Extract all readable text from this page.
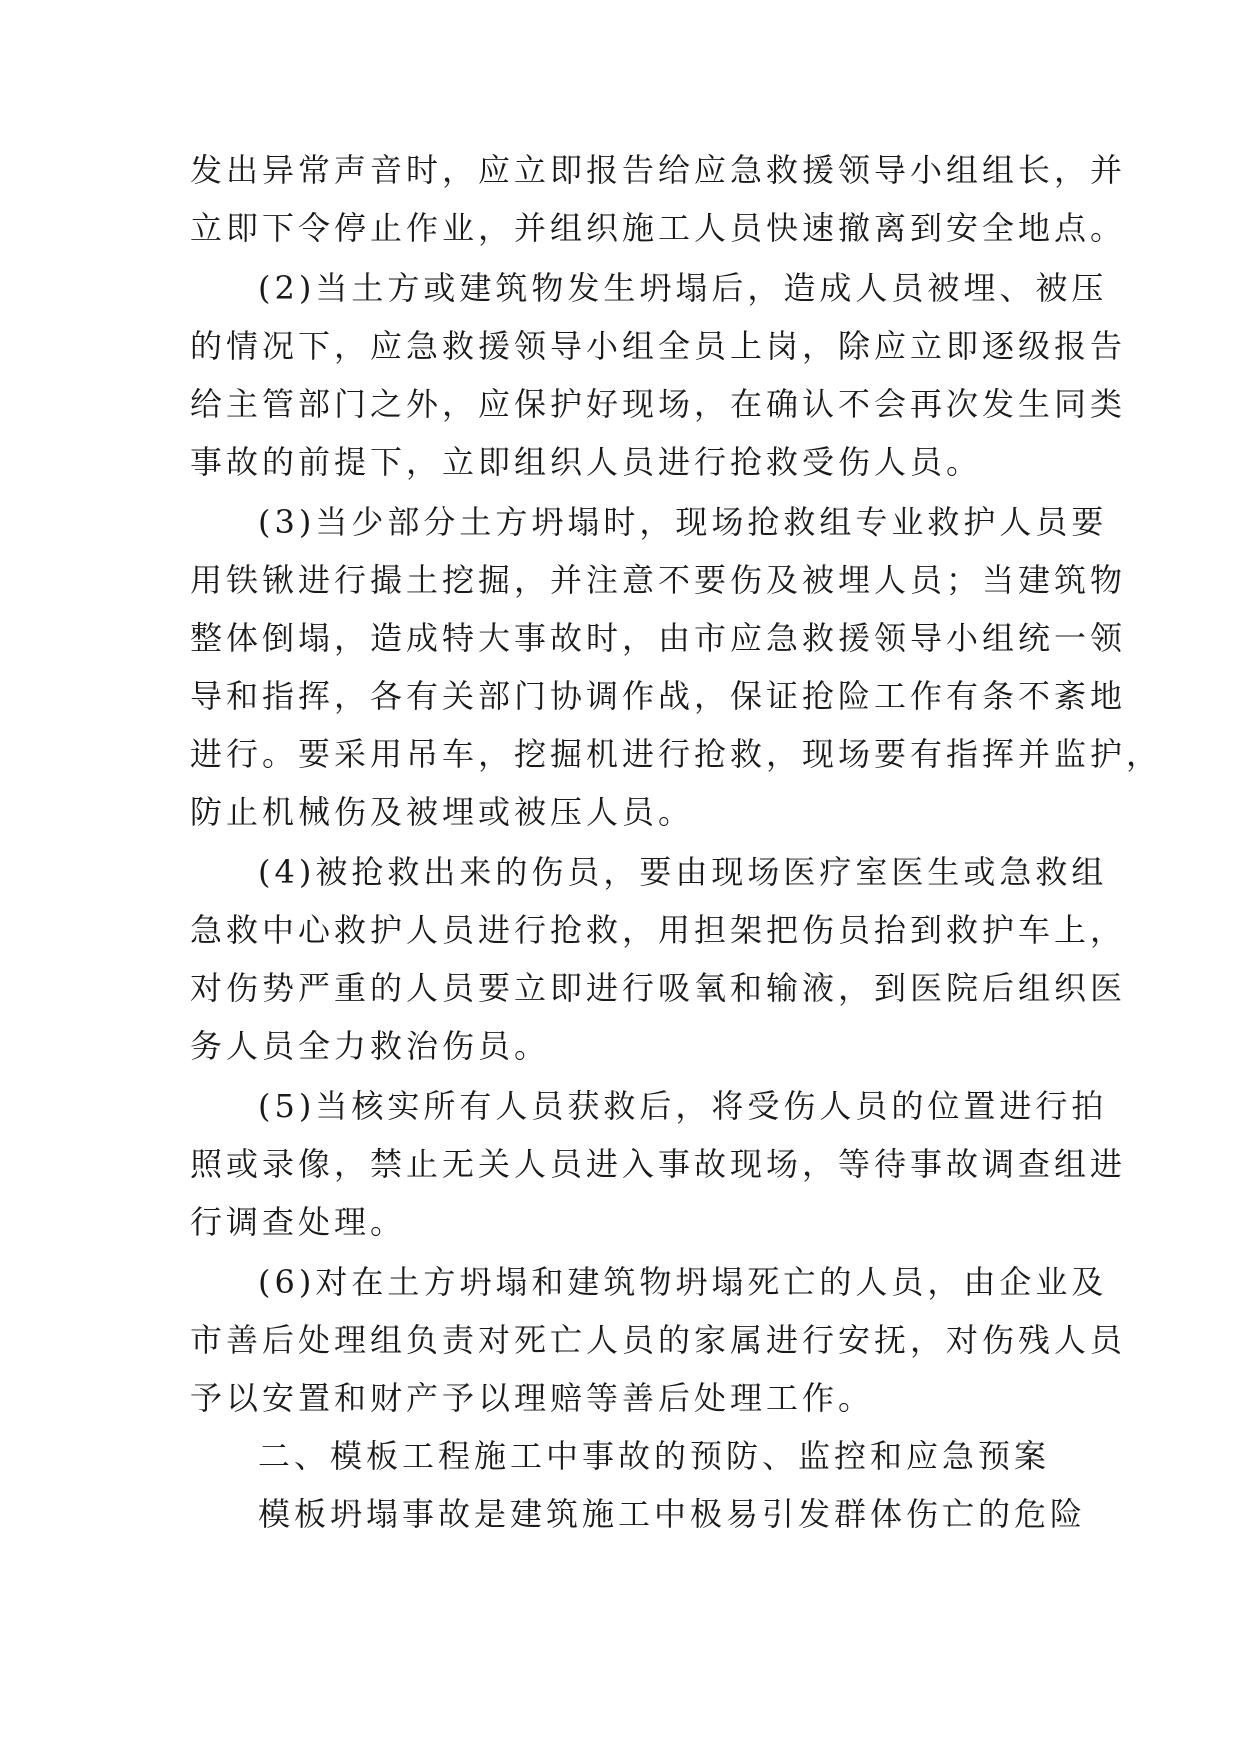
发出异常声音时，应立即报告给应急救援领导小组组长，并
立即下令停止作业，并组织施工人员快速撤离到安全地点。
(2)当土方或建筑物发生坍塌后，造成人员被埋、被压
的情况下，应急救援领导小组全员上岗，除应立即逐级报告
给主管部门之外，应保护好现场，在确认不会再次发生同类
事故的前提下，立即组织人员进行抢救受伤人员。
(3)当少部分土方坍塌时，现场抢救组专业救护人员要
用铁锹进行撮土挖掘，并注意不要伤及被埋人员；当建筑物
整体倒塌，造成特大事故时，由市应急救援领导小组统一领
导和指挥，各有关部门协调作战，保证抢险工作有条不紊地
进行。要采用吊车，挖掘机进行抢救，现场要有指挥并监护，
防止机械伤及被埋或被压人员。
(4)被抢救出来的伤员，要由现场医疗室医生或急救组
急救中心救护人员进行抢救，用担架把伤员抬到救护车上，
对伤势严重的人员要立即进行吸氧和输液，到医院后组织医
务人员全力救治伤员。
(5)当核实所有人员获救后，将受伤人员的位置进行拍
照或录像，禁止无关人员进入事故现场，等待事故调查组进
行调查处理。
(6)对在土方坍塌和建筑物坍塌死亡的人员，由企业及
市善后处理组负责对死亡人员的家属进行安抚，对伤残人员
予以安置和财产予以理赔等善后处理工作。
二、模板工程施工中事故的预防、监控和应急预案
模板坍塌事故是建筑施工中极易引发群体伤亡的危险
